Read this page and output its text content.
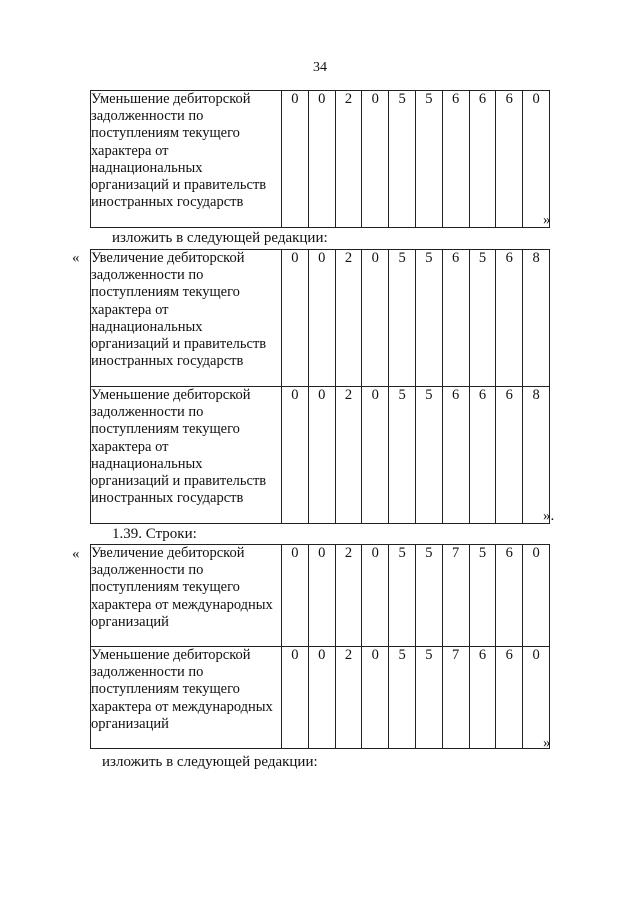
34
Уменьшение дебиторской задолженности по поступлениям текущего характера от наднациональных организаций и правительств иностранных государств	0	0	2	0	5	5	6	6	6	0
»
изложить в следующей редакции:
« Увеличение дебиторской задолженности по поступлениям текущего характера от наднациональных организаций и правительств иностранных государств	0	0	2	0	5	5	6	5	6	8
Уменьшение дебиторской задолженности по поступлениям текущего характера от наднациональных организаций и правительств иностранных государств	0	0	2	0	5	5	6	6	6	8
».
1.39. Строки:
« Увеличение дебиторской задолженности по поступлениям текущего характера от международных организаций	0	0	2	0	5	5	7	5	6	0
Уменьшение дебиторской задолженности по поступлениям текущего характера от международных организаций	0	0	2	0	5	5	7	6	6	0
»
изложить в следующей редакции:
